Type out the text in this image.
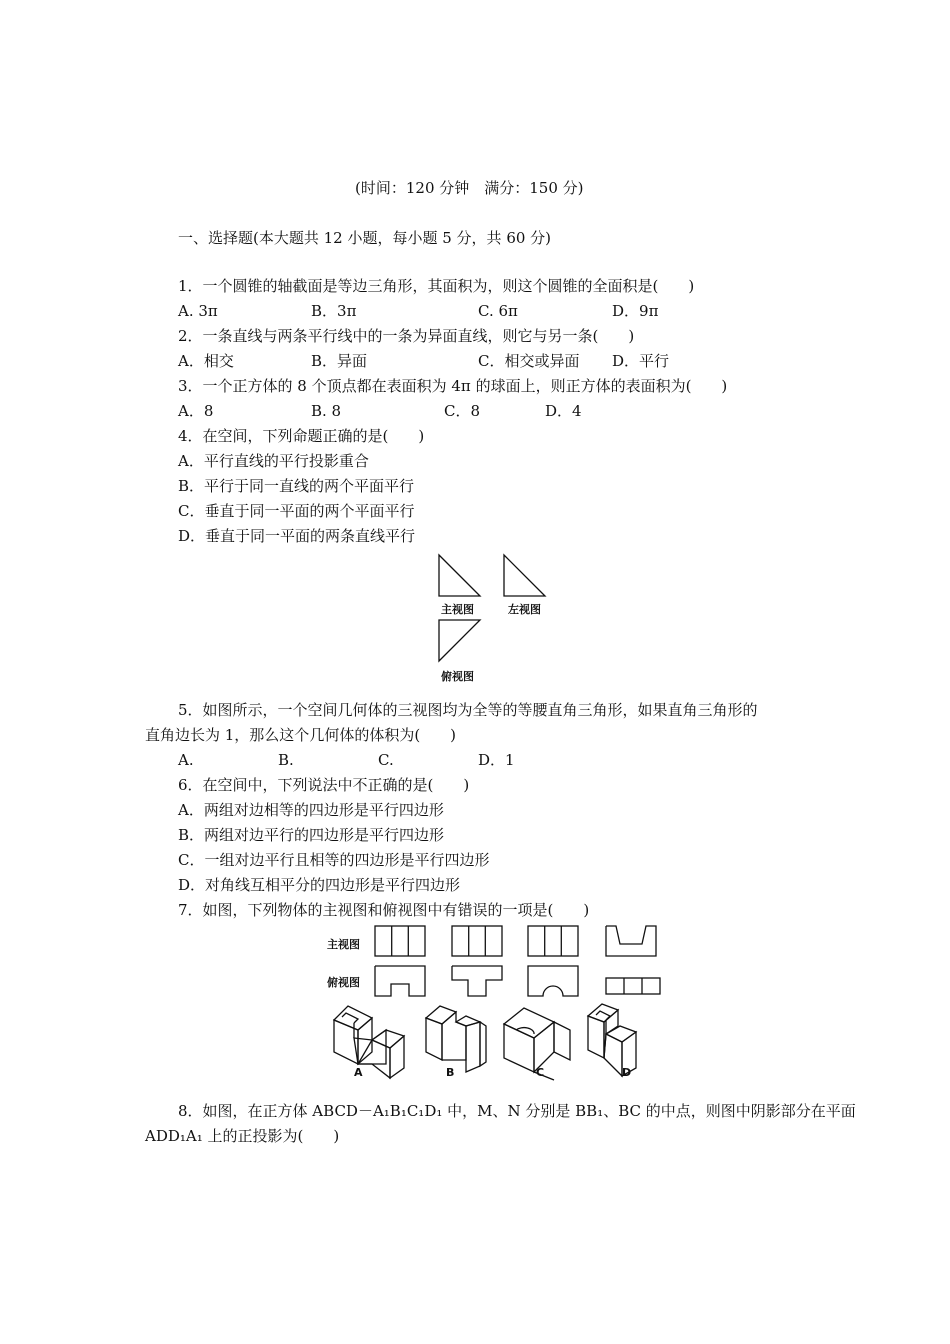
(时间：120 分钟　满分：150 分)
一、选择题(本大题共 12 小题，每小题 5 分，共 60 分)
1．一个圆锥的轴截面是等边三角形，其面积为，则这个圆锥的全面积是(　　)
A. 3π	B．3π	C. 6π	D．9π
2．一条直线与两条平行线中的一条为异面直线，则它与另一条(　　)
A．相交	B．异面	C．相交或异面 D．平行
3．一个正方体的 8 个顶点都在表面积为 4π 的球面上，则正方体的表面积为(　　)
A．8	B. 8	C．8	D．4
4．在空间，下列命题正确的是(　　)
A．平行直线的平行投影重合
B．平行于同一直线的两个平面平行
C．垂直于同一平面的两个平面平行
D．垂直于同一平面的两条直线平行
主视图	左视图
俯视图
5．如图所示，一个空间几何体的三视图均为全等的等腰直角三角形，如果直角三角形的
直角边长为 1，那么这个几何体的体积为(　　)
A.	B.	C.	D．1
6．在空间中，下列说法中不正确的是(　　)
A．两组对边相等的四边形是平行四边形
B．两组对边平行的四边形是平行四边形
C．一组对边平行且相等的四边形是平行四边形
D．对角线互相平分的四边形是平行四边形
7．如图，下列物体的主视图和俯视图中有错误的一项是(　　)
主视图
俯视图
A	B	C	D
8．如图，在正方体 ABCD－A₁B₁C₁D₁ 中，M、N 分别是 BB₁、BC 的中点，则图中阴影部分在平面
ADD₁A₁ 上的正投影为(　　)
